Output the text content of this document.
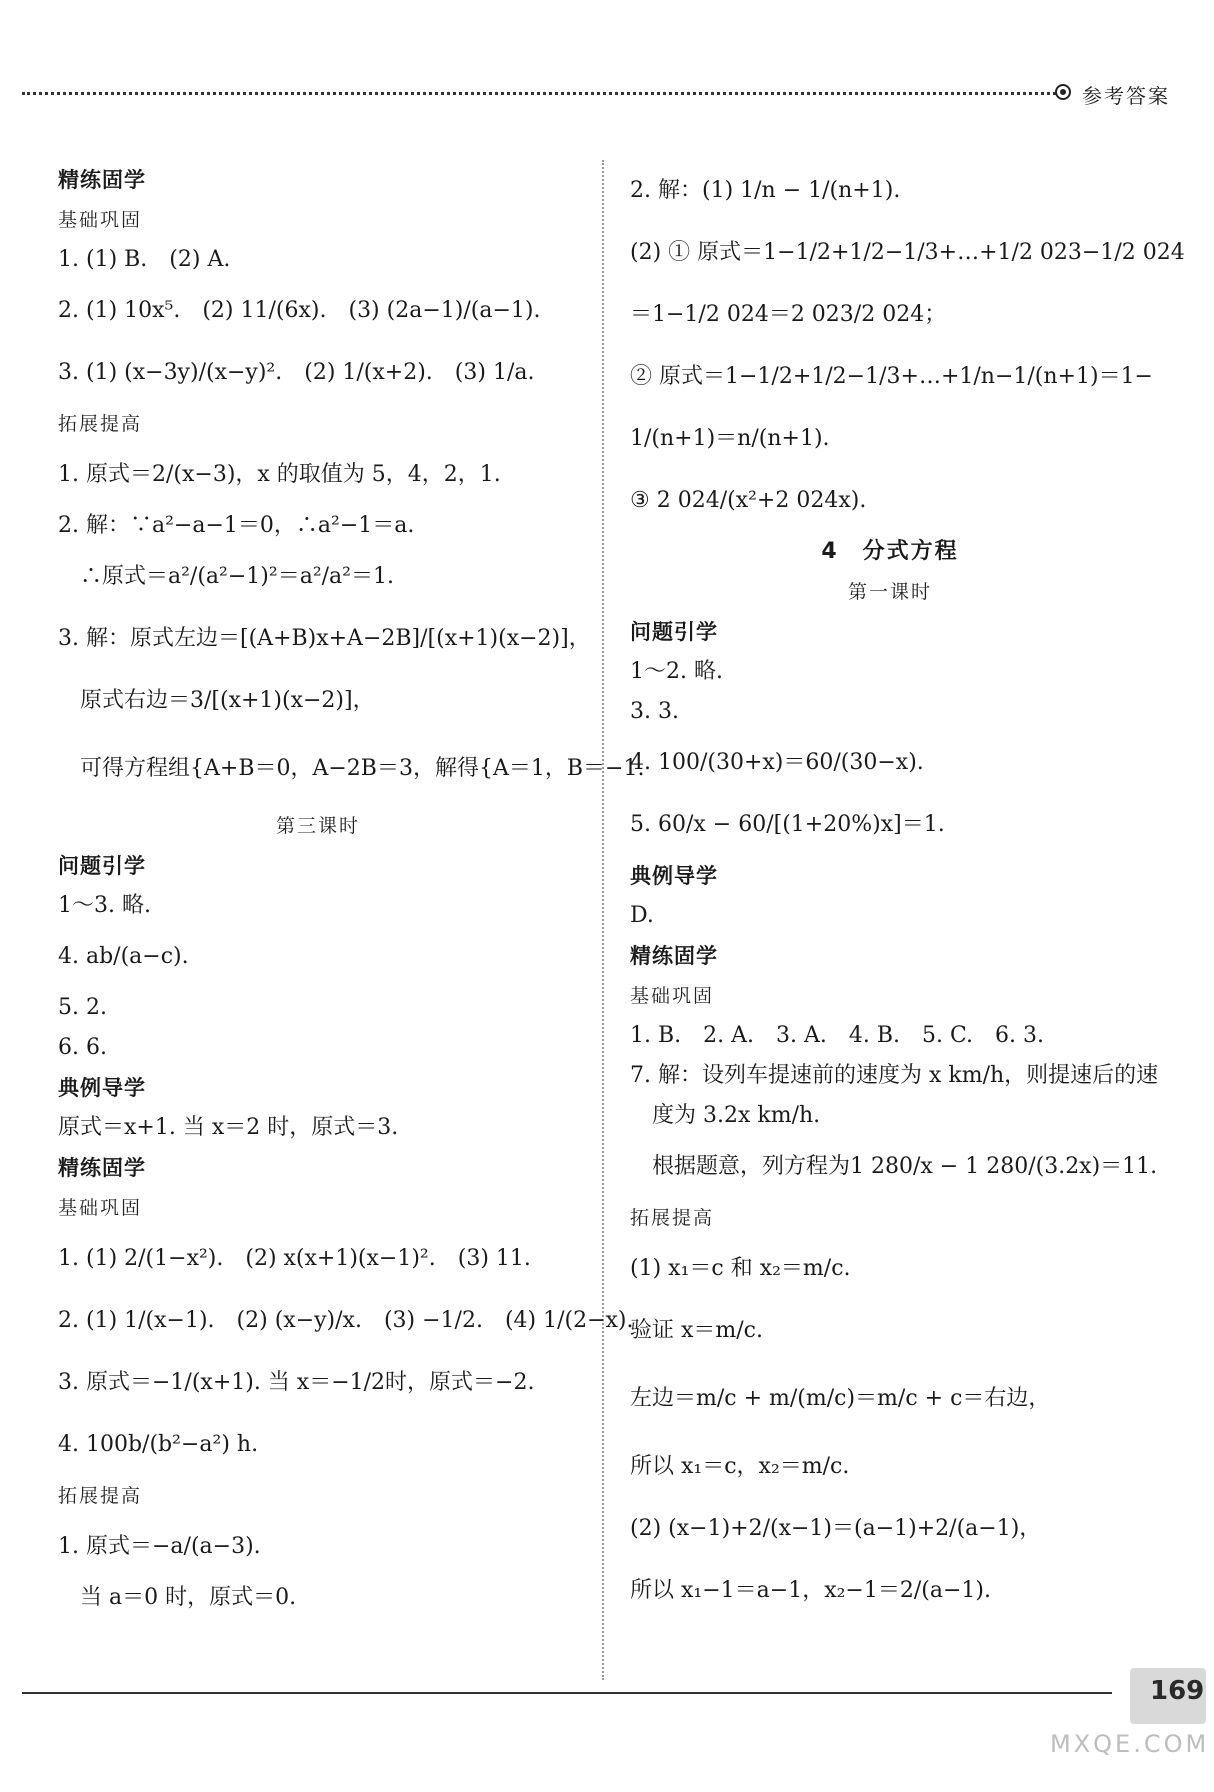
参考答案
精练固学
基础巩固
1. (1) B.　(2) A.
2. (1) 10x⁵.　(2) 11/(6x).　(3) (2a−1)/(a−1).
3. (1) (x−3y)/(x−y)².　(2) 1/(x+2).　(3) 1/a.
拓展提高
1. 原式＝2/(x−3)，x 的取值为 5，4，2，1.
2. 解：∵a²−a−1＝0，∴a²−1＝a.
　∴原式＝a²/(a²−1)²＝a²/a²＝1.
3. 解：原式左边＝[(A+B)x+A−2B]/[(x+1)(x−2)]，
　原式右边＝3/[(x+1)(x−2)]，
　可得方程组{A+B＝0，A−2B＝3，解得{A＝1，B＝−1.
第三课时
问题引学
1～3. 略.
4. ab/(a−c).
5. 2.
6. 6.
典例导学
原式＝x+1. 当 x＝2 时，原式＝3.
精练固学
基础巩固
1. (1) 2/(1−x²).　(2) x(x+1)(x−1)².　(3) 11.
2. (1) 1/(x−1).　(2) (x−y)/x.　(3) −1/2.　(4) 1/(2−x).
3. 原式＝−1/(x+1). 当 x＝−1/2时，原式＝−2.
4. 100b/(b²−a²) h.
拓展提高
1. 原式＝−a/(a−3).
　当 a＝0 时，原式＝0.
2. 解：(1) 1/n − 1/(n+1).
(2) ① 原式＝1−1/2+1/2−1/3+…+1/2 023−1/2 024
＝1−1/2 024＝2 023/2 024；
② 原式＝1−1/2+1/2−1/3+…+1/n−1/(n+1)＝1−
1/(n+1)＝n/(n+1).
③ 2 024/(x²+2 024x).
4　分式方程
第一课时
问题引学
1～2. 略.
3. 3.
4. 100/(30+x)＝60/(30−x).
5. 60/x − 60/[(1+20%)x]＝1.
典例导学
D.
精练固学
基础巩固
1. B.　2. A.　3. A.　4. B.　5. C.　6. 3.
7. 解：设列车提速前的速度为 x km/h，则提速后的速
　度为 3.2x km/h.
　根据题意，列方程为1 280/x − 1 280/(3.2x)＝11.
拓展提高
(1) x₁＝c 和 x₂＝m/c.
验证 x＝m/c.
左边＝m/c + m/(m/c)＝m/c + c＝右边，
所以 x₁＝c，x₂＝m/c.
(2) (x−1)+2/(x−1)＝(a−1)+2/(a−1)，
所以 x₁−1＝a−1，x₂−1＝2/(a−1).
169
MXQE.COM
